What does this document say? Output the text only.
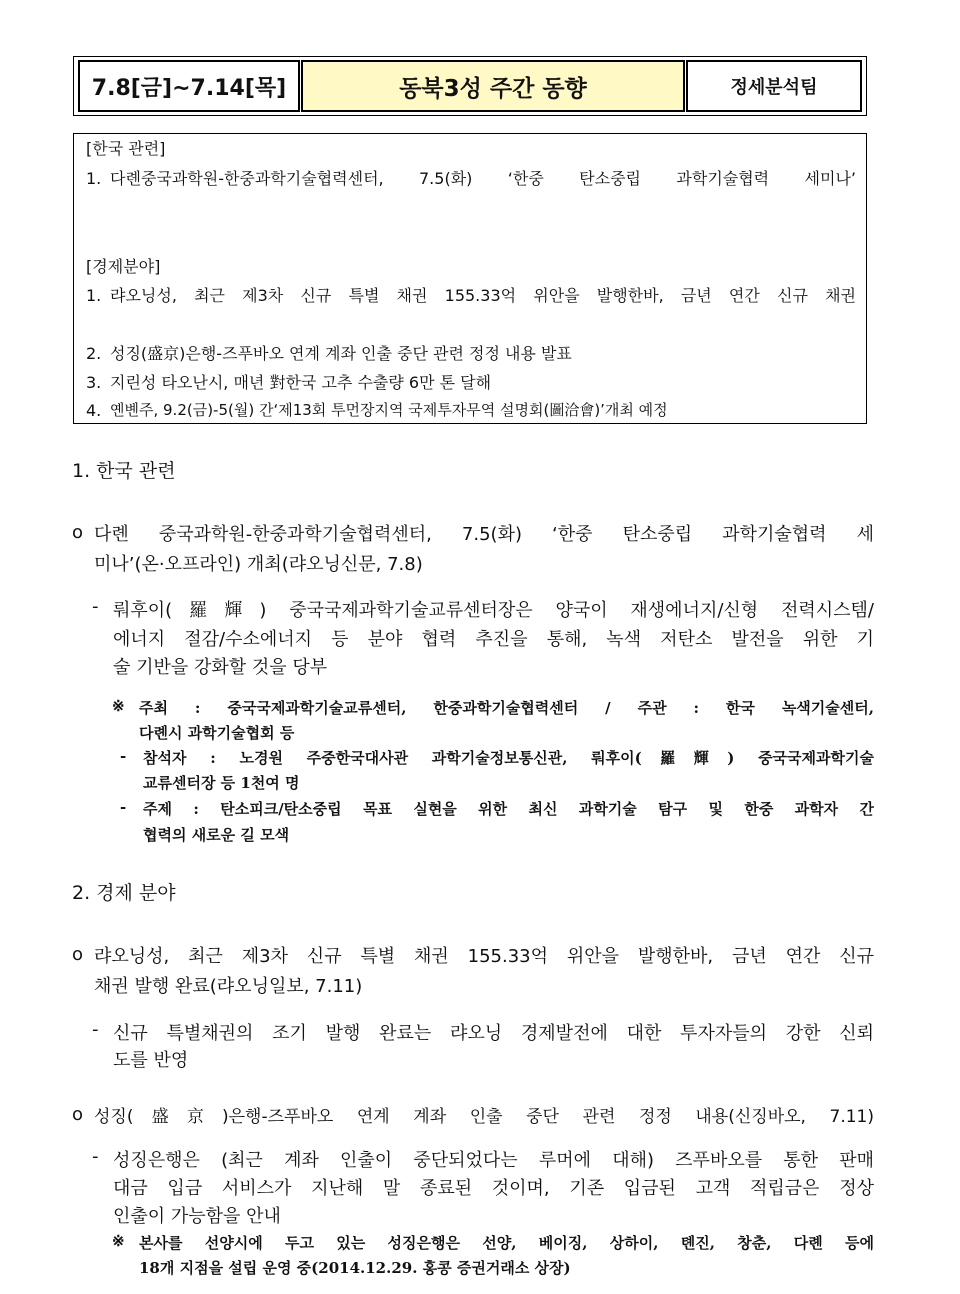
7.8[금]~7.14[목]	동북3성 주간 동향	정세분석팀
[한국 관련]
1. 다롄중국과학원-한중과학기술협력센터, 7.5(화) ‘한중 탄소중립 과학기술협력 세미나’
[경제분야]
1. 랴오닝성, 최근 제3차 신규 특별 채권 155.33억 위안을 발행한바, 금년 연간 신규 채권
2. 성징(盛京)은행-즈푸바오 연계 계좌 인출 중단 관련 정정 내용 발표
3. 지린성 타오난시, 매년 對한국 고추 수출량 6만 톤 달해
4. 옌볜주, 9.2(금)-5(월) 간‘제13회 투먼장지역 국제투자무역 설명회(圖洽會)’개최 예정
1. 한국 관련
o 다롄 중국과학원-한중과학기술협력센터, 7.5(화) ‘한중 탄소중립 과학기술협력 세
미나’(온·오프라인) 개최(랴오닝신문, 7.8)
- 뤄후이(羅輝) 중국국제과학기술교류센터장은 양국이 재생에너지/신형 전력시스템/
에너지 절감/수소에너지 등 분야 협력 추진을 통해, 녹색 저탄소 발전을 위한 기
술 기반을 강화할 것을 당부
※ 주최 : 중국국제과학기술교류센터, 한중과학기술협력센터 / 주관 : 한국 녹색기술센터,
다롄시 과학기술협회 등
- 참석자 : 노경원 주중한국대사관 과학기술정보통신관, 뤄후이(羅輝) 중국국제과학기술
교류센터장 등 1천여 명
- 주제 : 탄소피크/탄소중립 목표 실현을 위한 최신 과학기술 탐구 및 한중 과학자 간
협력의 새로운 길 모색
2. 경제 분야
o 랴오닝성, 최근 제3차 신규 특별 채권 155.33억 위안을 발행한바, 금년 연간 신규
채권 발행 완료(랴오닝일보, 7.11)
- 신규 특별채권의 조기 발행 완료는 랴오닝 경제발전에 대한 투자자들의 강한 신뢰
도를 반영
o 성징(盛京)은행-즈푸바오 연계 계좌 인출 중단 관련 정정 내용(신징바오, 7.11)
- 성징은행은 (최근 계좌 인출이 중단되었다는 루머에 대해) 즈푸바오를 통한 판매
대금 입금 서비스가 지난해 말 종료된 것이며, 기존 입금된 고객 적립금은 정상
인출이 가능함을 안내
※ 본사를 선양시에 두고 있는 성징은행은 선양, 베이징, 상하이, 톈진, 창춘, 다롄 등에
18개 지점을 설립 운영 중(2014.12.29. 홍콩 증권거래소 상장)
